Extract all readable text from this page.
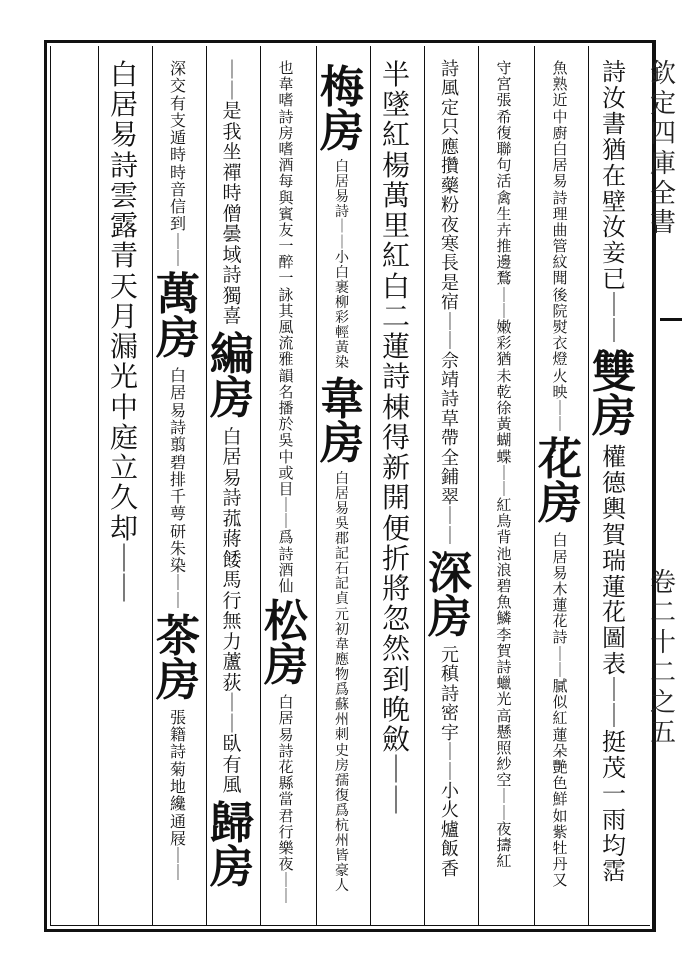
詩
汝
書
猶
在
壁
汝
妾
已
｜
｜
雙
房
權
德
輿
賀
瑞
蓮
花
圖
表
｜
｜
挺
茂
一
雨
均
霑
魚
熟
近
中
廚
白
居
易
詩
理
曲
管
紋
聞
後
院
熨
衣
燈
火
映
｜
｜
花
房
白
居
易
木
蓮
花
詩
｜
｜
膩
似
紅
蓮
朵
艷
色
鮮
如
紫
牡
丹
又
守
宮
張
希
復
聯
句
活
禽
生
卉
推
邊
鶩
｜
｜
嫩
彩
猶
未
乾
徐
黃
蝴
蝶
｜
｜
紅
鳥
背
池
浪
碧
魚
鱗
李
賀
詩
蠟
光
高
懸
照
紗
空
｜
｜
夜
擣
紅
詩
風
定
只
應
攢
藥
粉
夜
寒
長
是
宿
｜
｜
佘
靖
詩
草
帶
全
鋪
翠
｜
｜
深
房
元
稹
詩
密
宇
｜
｜
小
火
爐
飯
香
半
墜
紅
楊
萬
里
紅
白
二
蓮
詩
棟
得
新
開
便
折
將
忽
然
到
晚
斂
｜
｜
梅
房
白
居
易
詩
｜
｜
小
白
裹
柳
彩
輕
黃
染
韋
房
白
居
易
吳
郡
記
石
記
貞
元
初
韋
應
物
爲
蘇
州
刺
史
房
孺
復
爲
杭
州
皆
豪
人
也
韋
嗜
詩
房
嗜
酒
每
與
賓
友
一
醉
一
詠
其
風
流
雅
韻
名
播
於
吳
中
或
目
｜
｜
爲
詩
酒
仙
松
房
白
居
易
詩
花
縣
當
君
行
樂
夜
｜
｜
｜
｜
是
我
坐
禪
時
僧
曇
域
詩
獨
喜
編
房
白
居
易
詩
菰
蔣
餧
馬
行
無
力
蘆
荻
｜
｜
臥
有
風
歸
房
深
交
有
支
遁
時
時
音
信
到
｜
｜
萬
房
白
居
易
詩
翦
碧
排
千
萼
研
朱
染
｜
｜
茶
房
張
籍
詩
菊
地
纔
通
屐
｜
｜
白
居
易
詩
雲
露
青
天
月
漏
光
中
庭
立
久
却
｜
｜
欽
定
四
庫
全
書
卷
二
十
二
之
五
